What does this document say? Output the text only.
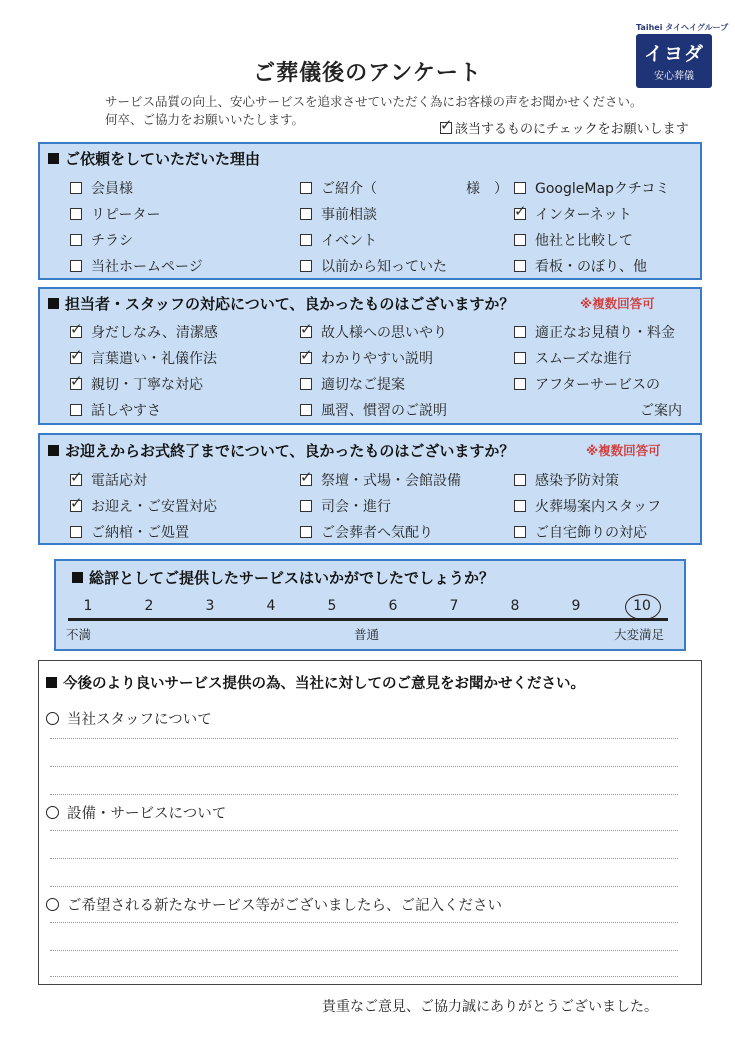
Taihei タイヘイグループ
イヨダ
安心葬儀
ご葬儀後のアンケート
サービス品質の向上、安心サービスを追求させていただく為にお客様の声をお聞かせください。
何卒、ご協力をお願いいたします。
✓該当するものにチェックをお願いします
ご依頼をしていただいた理由
会員様	ご紹介（	様　）	GoogleMapクチコミ
リピーター	事前相談 ✓	インターネット
チラシ	イベント	他社と比較して
当社ホームページ	以前から知っていた	看板・のぼり、他
担当者・スタッフの対応について、良かったものはございますか？	※複数回答可
✓身だしなみ、清潔感 ✓	故人様への思いやり	適正なお見積り・料金
✓言葉遣い・礼儀作法 ✓	わかりやすい説明	スムーズな進行
✓親切・丁寧な対応	適切なご提案	アフターサービスの
話しやすさ	風習、慣習のご説明	ご案内
お迎えからお式終了までについて、良かったものはございますか？	※複数回答可
✓電話応対 ✓	祭壇・式場・会館設備	感染予防対策
✓お迎え・ご安置対応	司会・進行	火葬場案内スタッフ
ご納棺・ご処置	ご会葬者へ気配り	ご自宅飾りの対応
総評としてご提供したサービスはいかがでしたでしょうか？
1	2	3	4	5	6	7	8	9	10
不満	普通	大変満足
今後のより良いサービス提供の為、当社に対してのご意見をお聞かせください。
当社スタッフについて
設備・サービスについて
ご希望される新たなサービス等がございましたら、ご記入ください
貴重なご意見、ご協力誠にありがとうございました。
